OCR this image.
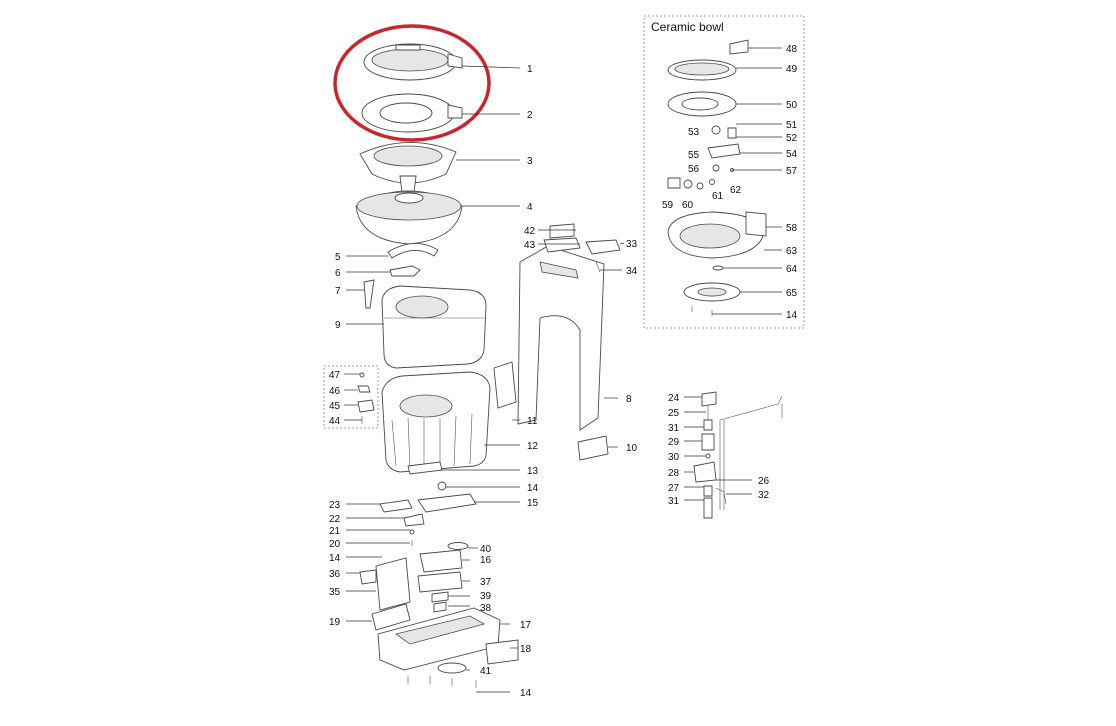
Ceramic bowl
1
2
3
4
5
6
7
9
8
10
11
12
13
14
15
23
22
21
20
14
36
35
19
40
16
37
39
38
17
18
41
14
42
43	33
34
47
46
45
44
48
49
50
51
53
52
55	54
56	57
62
61
59 60
58
63
64
65
14
24
25
31
29
30
28
27
31
26
32
